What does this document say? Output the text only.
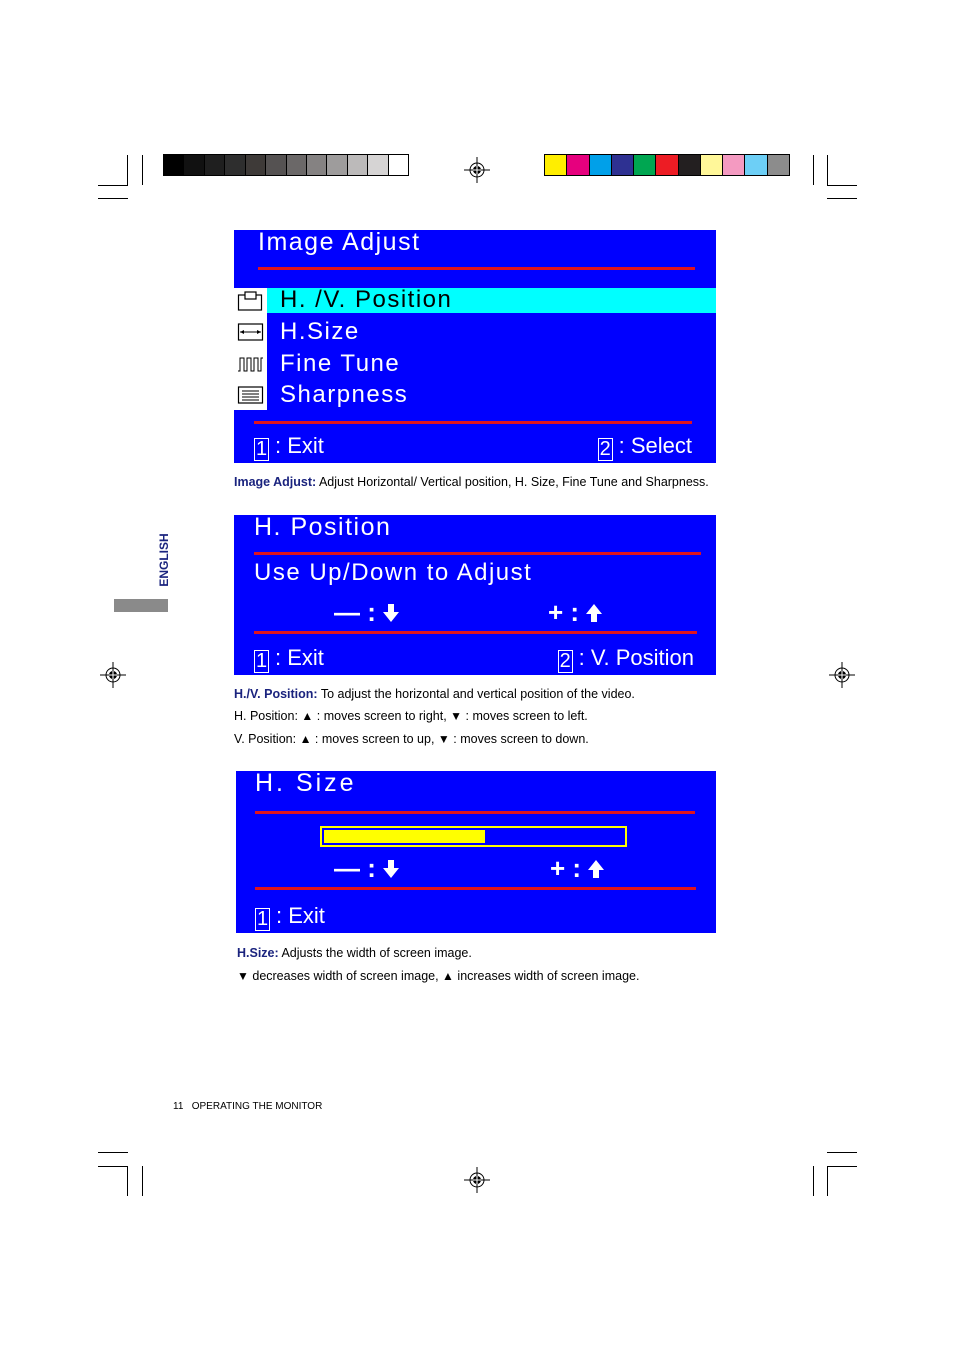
ENGLISH
Image Adjust
H. /V. Position
H.Size
Fine Tune
Sharpness
1 : Exit	2 : Select
Image Adjust: Adjust Horizontal/ Vertical position, H. Size, Fine Tune and Sharpness.
H. Position
Use Up/Down to Adjust
— :	+ :
1 : Exit	2 : V. Position
H./V. Position: To adjust the horizontal and vertical position of the video.
H. Position: ▲ : moves screen to right, ▼ : moves screen to left.
V. Position: ▲ : moves screen to up, ▼ : moves screen to down.
H. Size
— :	+ :
1 : Exit
H.Size: Adjusts the width of screen image.
▼ decreases width of screen image, ▲ increases width of screen image.
11 OPERATING THE MONITOR
